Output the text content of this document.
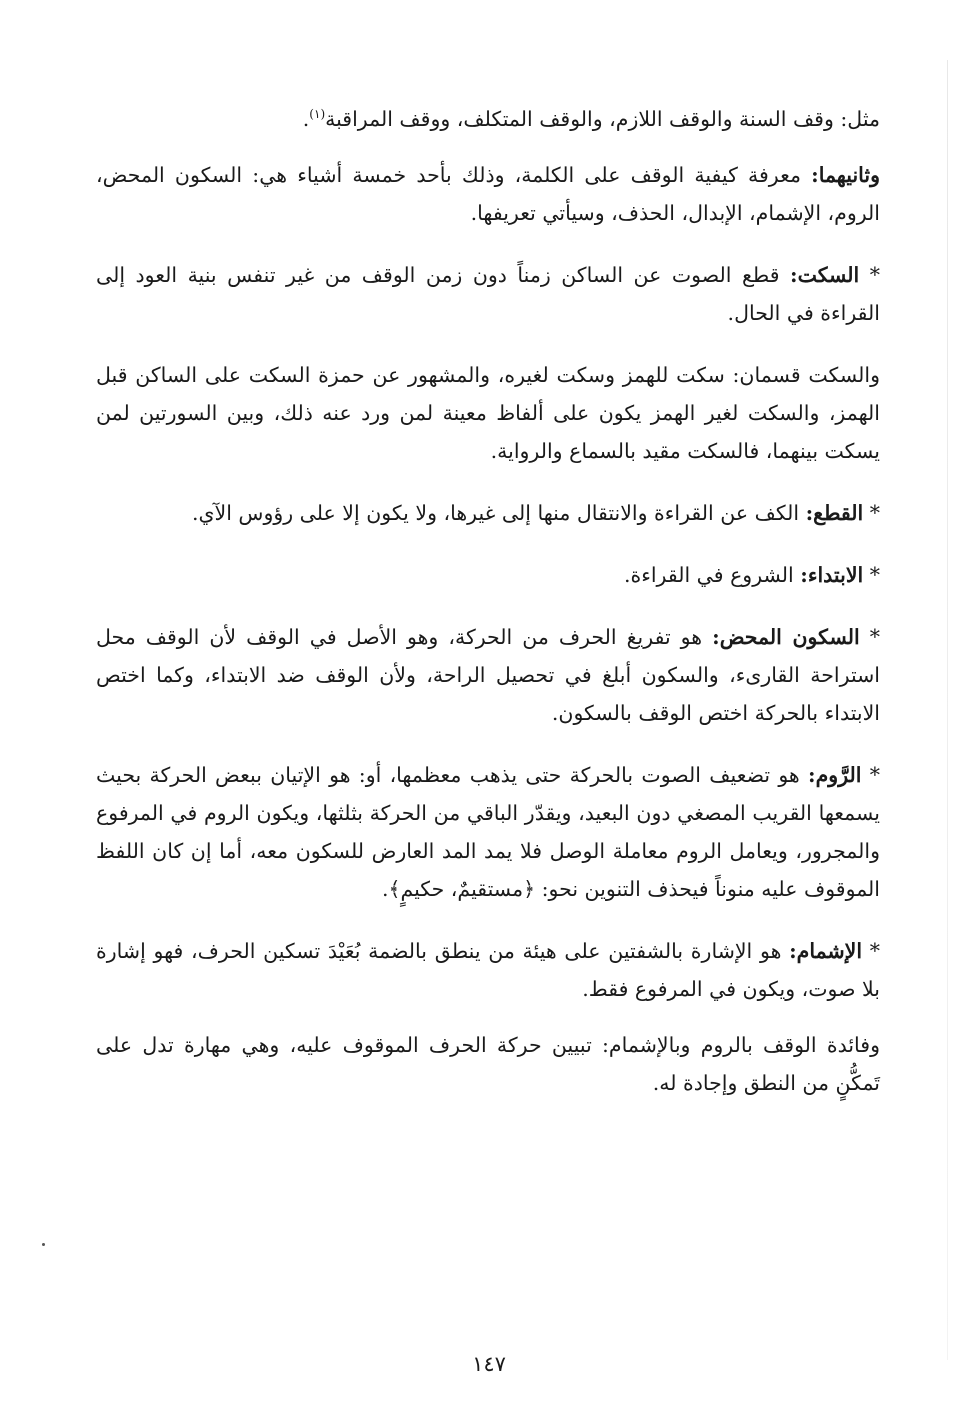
مثل: وقف السنة والوقف اللازم، والوقف المتكلف، ووقف المراقبة$^{(١)}$.

وثانيهما: معرفة كيفية الوقف على الكلمة، وذلك بأحد خمسة أشياء هي: السكون المحض، الروم، الإشمام، الإبدال، الحذف، وسيأتي تعريفها.

* السكت: قطع الصوت عن الساكن زمناً دون زمن الوقف من غير تنفس بنية العود إلى القراءة في الحال.

والسكت قسمان: سكت للهمز وسكت لغيره، والمشهور عن حمزة السكت على الساكن قبل الهمز، والسكت لغير الهمز يكون على ألفاظ معينة لمن ورد عنه ذلك، وبين السورتين لمن يسكت بينهما، فالسكت مقيد بالسماع والرواية.

* القطع: الكف عن القراءة والانتقال منها إلى غيرها، ولا يكون إلا على رؤوس الآي.

* الابتداء: الشروع في القراءة.

* السكون المحض: هو تفريغ الحرف من الحركة، وهو الأصل في الوقف لأن الوقف محل استراحة القارىء، والسكون أبلغ في تحصيل الراحة، ولأن الوقف ضد الابتداء، وكما اختص الابتداء بالحركة اختص الوقف بالسكون.

* الرَّوم: هو تضعيف الصوت بالحركة حتى يذهب معظمها، أو: هو الإتيان ببعض الحركة بحيث يسمعها القريب المصغي دون البعيد، ويقدّر الباقي من الحركة بثلثها، ويكون الروم في المرفوع والمجرور، ويعامل الروم معاملة الوصل فلا يمد المد العارض للسكون معه، أما إن كان اللفظ الموقوف عليه منوناً فيحذف التنوين نحو: ﴿مستقيمٌ، حكيمٍ﴾.

* الإشمام: هو الإشارة بالشفتين على هيئة من ينطق بالضمة بُعَيْدَ تسكين الحرف، فهو إشارة بلا صوت، ويكون في المرفوع فقط.

وفائدة الوقف بالروم وبالإشمام: تبيين حركة الحرف الموقوف عليه، وهي مهارة تدل على تَمكُّنٍ من النطق وإجادة له.

١٤٧
